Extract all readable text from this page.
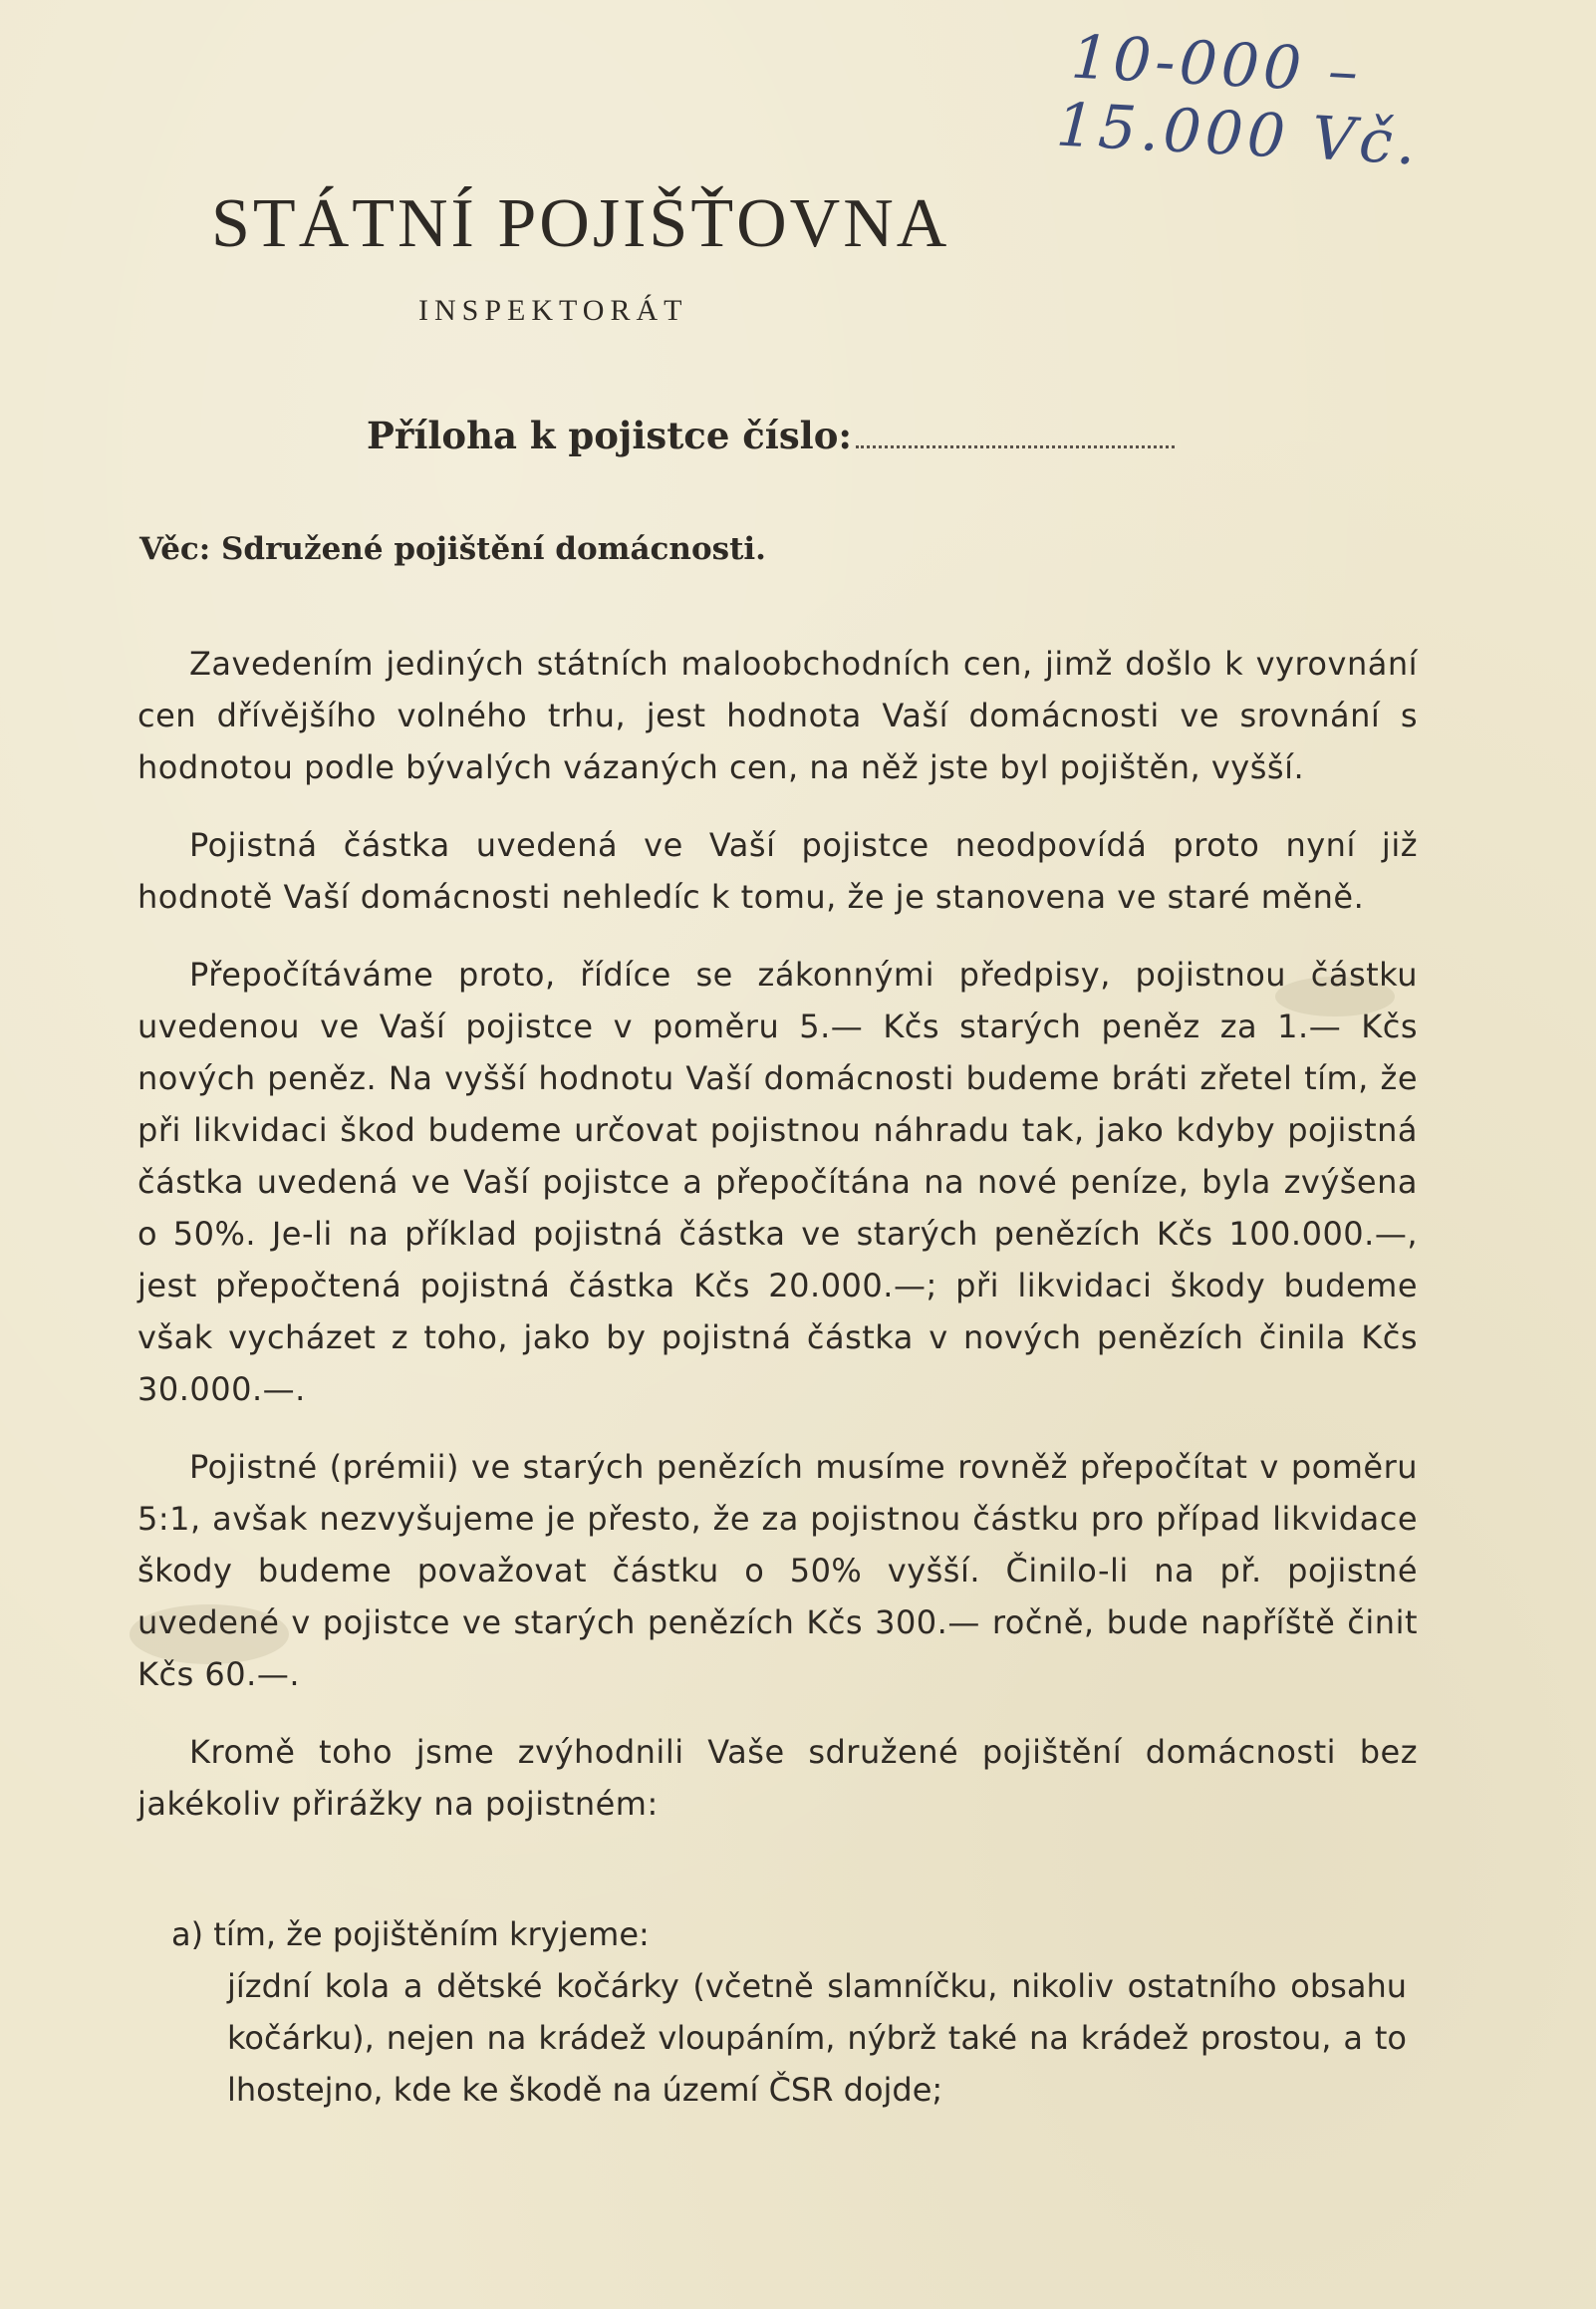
10-000 –
15.000 Vč.
STÁTNÍ POJIŠŤOVNA
INSPEKTORÁT
Příloha k pojistce číslo:
Věc: Sdružené pojištění domácnosti.

Zavedením jediných státních maloobchodních cen, jimž došlo k vyrovnání cen dřívějšího volného trhu, jest hodnota Vaší domácnosti ve srovnání s hodnotou podle bývalých vázaných cen, na něž jste byl pojištěn, vyšší.

Pojistná částka uvedená ve Vaší pojistce neodpovídá proto nyní již hodnotě Vaší domácnosti nehledíc k tomu, že je stanovena ve staré měně.

Přepočítáváme proto, řídíce se zákonnými předpisy, pojistnou částku uvedenou ve Vaší pojistce v poměru 5.— Kčs starých peněz za 1.— Kčs nových peněz. Na vyšší hodnotu Vaší domácnosti budeme bráti zřetel tím, že při likvidaci škod budeme určovat pojistnou náhradu tak, jako kdyby pojistná částka uvedená ve Vaší pojistce a přepočítána na nové peníze, byla zvýšena o 50%. Je-li na příklad pojistná částka ve starých penězích Kčs 100.000.—, jest přepočtená pojistná částka Kčs 20.000.—; při likvidaci škody budeme však vycházet z toho, jako by pojistná částka v nových penězích činila Kčs 30.000.—.

Pojistné (prémii) ve starých penězích musíme rovněž přepočítat v poměru 5:1, avšak nezvyšujeme je přesto, že za pojistnou částku pro případ likvidace škody budeme považovat částku o 50% vyšší. Činilo-li na př. pojistné uvedené v pojistce ve starých penězích Kčs 300.— ročně, bude napříště činit Kčs 60.—.

Kromě toho jsme zvýhodnili Vaše sdružené pojištění domácnosti bez jakékoliv přirážky na pojistném:

a) tím, že pojištěním kryjeme:
jízdní kola a dětské kočárky (včetně slamníčku, nikoliv ostatního obsahu kočárku), nejen na krádež vloupáním, nýbrž také na krádež prostou, a to lhostejno, kde ke škodě na území ČSR dojde;
